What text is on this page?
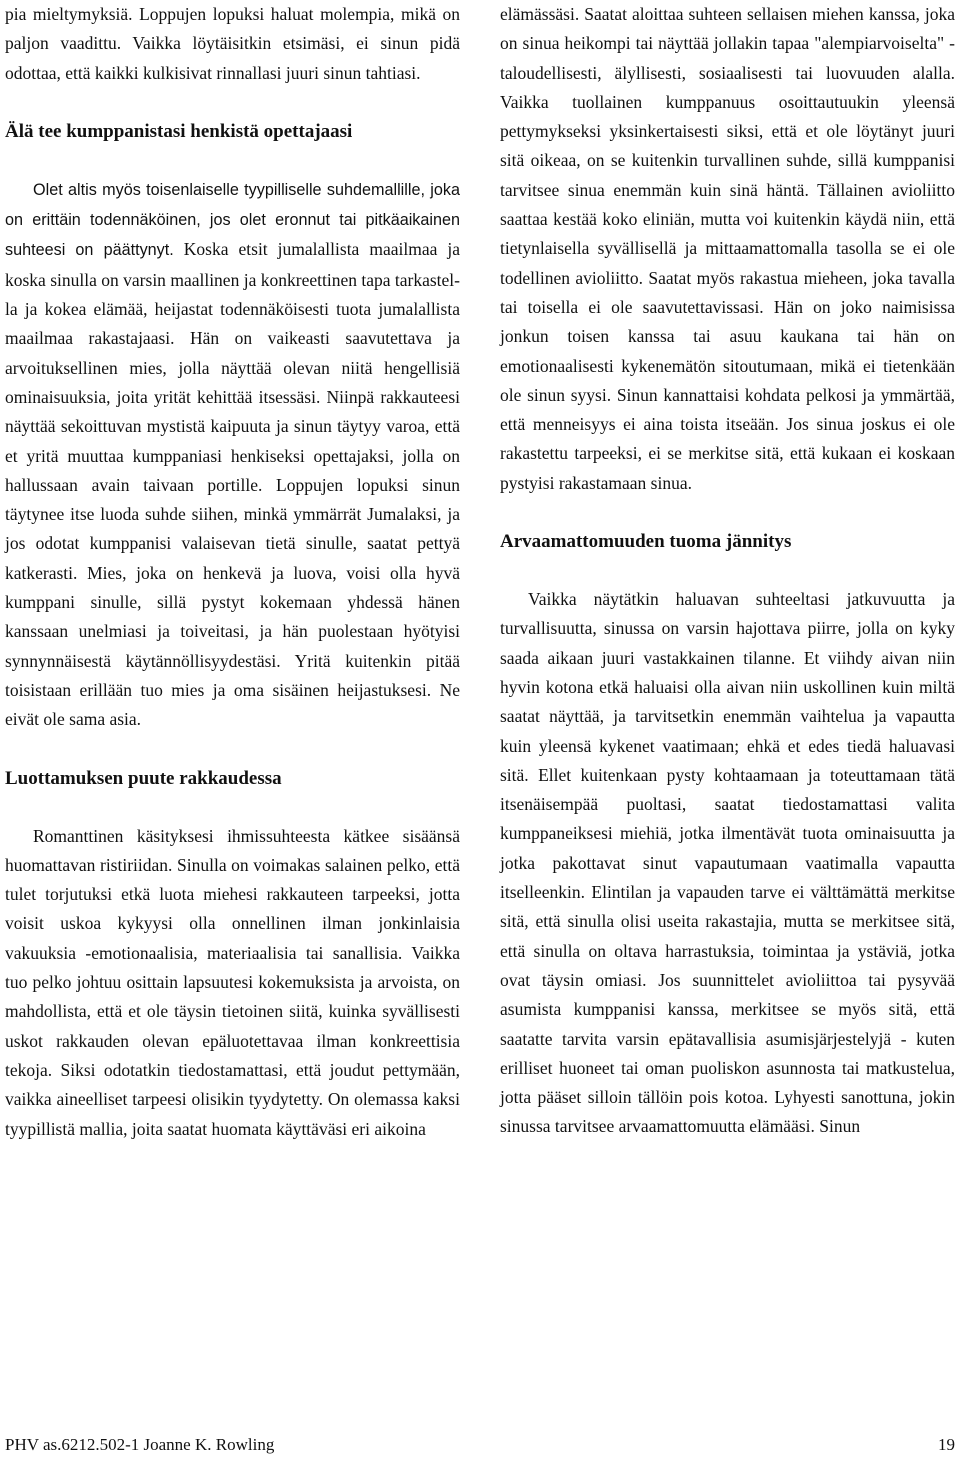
pia mieltymyksiä. Loppujen lopuksi haluat molempia, mikä on paljon vaadittu. Vaikka löytäisitkin etsimäsi, ei sinun pidä odottaa, että kaikki kulkisivat rinnallasi juuri sinun tahtiasi.

Älä tee kumppanistasi henkistä opettajaasi

Olet altis myös toisenlaiselle tyypilliselle suhdemallille, joka on erittäin todennäköinen, jos olet eronnut tai pitkäaikainen suhteesi on päättynyt. Koska etsit jumalallista maailmaa ja koska sinulla on varsin maallinen ja konkreettinen tapa tarkastella ja kokea elämää, heijastat todennäköisesti tuota jumalallista maailmaa rakastajaasi. Hän on vaikeasti saavutettava ja arvoituksellinen mies, jolla näyttää olevan niitä hengellisiä ominaisuuksia, joita yrität kehittää itsessäsi. Niinpä rakkauteesi näyttää sekoittuvan mystistä kaipuuta ja sinun täytyy varoa, että et yritä muuttaa kumppaniasi henkiseksi opettajaksi, jolla on hallussaan avain taivaan portille. Loppujen lopuksi sinun täytynee itse luoda suhde siihen, minkä ymmärrät Jumalaksi, ja jos odotat kumppanisi valaisevan tietä sinulle, saatat pettyä katkerasti. Mies, joka on henkevä ja luova, voisi olla hyvä kumppani sinulle, sillä pystyt kokemaan yhdessä hänen kanssaan unelmiasi ja toiveitasi, ja hän puolestaan hyötyisi synnynnäisestä käytännöllisyydestäsi. Yritä kuitenkin pitää toisistaan erillään tuo mies ja oma sisäinen heijastuksesi. Ne eivät ole sama asia.

Luottamuksen puute rakkaudessa

Romanttinen käsityksesi ihmissuhteesta kätkee sisäänsä huomattavan ristiriidan. Sinulla on voimakas salainen pelko, että tulet torjutuksi etkä luota miehesi rakkauteen tarpeeksi, jotta voisit uskoa kykyysi olla onnellinen ilman jonkinlaisia vakuuksia -emotionaalisia, materiaalisia tai sanallisia. Vaikka tuo pelko johtuu osittain lapsuutesi kokemuksista ja arvoista, on mahdollista, että et ole täysin tietoinen siitä, kuinka syvällisesti uskot rakkauden olevan epäluotettavaa ilman konkreettisia tekoja. Siksi odotatkin tiedostamattasi, että joudut pettymään, vaikka aineelliset tarpeesi olisikin tyydytetty. On olemassa kaksi tyypillistä mallia, joita saatat huomata käyttäväsi eri aikoina

elämässäsi. Saatat aloittaa suhteen sellaisen miehen kanssa, joka on sinua heikompi tai näyttää jollakin tapaa "alempiarvoiselta" - taloudellisesti, älyllisesti, sosiaalisesti tai luovuuden alalla. Vaikka tuollainen kumppanuus osoittautuukin yleensä pettymykseksi yksinkertaisesti siksi, että et ole löytänyt juuri sitä oikeaa, on se kuitenkin turvallinen suhde, sillä kumppanisi tarvitsee sinua enemmän kuin sinä häntä. Tällainen avioliitto saattaa kestää koko eliniän, mutta voi kuitenkin käydä niin, että tietynlaisella syvällisellä ja mittaamattomalla tasolla se ei ole todellinen avioliitto. Saatat myös rakastua mieheen, joka tavalla tai toisella ei ole saavutettavissasi. Hän on joko naimisissa jonkun toisen kanssa tai asuu kaukana tai hän on emotionaalisesti kykenemätön sitoutumaan, mikä ei tietenkään ole sinun syysi. Sinun kannattaisi kohdata pelkosi ja ymmärtää, että menneisyys ei aina toista itseään. Jos sinua joskus ei ole rakastettu tarpeeksi, ei se merkitse sitä, että kukaan ei koskaan pystyisi rakastamaan sinua.

Arvaamattomuuden tuoma jännitys

Vaikka näytätkin haluavan suhteeltasi jatkuvuutta ja turvallisuutta, sinussa on varsin hajottava piirre, jolla on kyky saada aikaan juuri vastakkainen tilanne. Et viihdy aivan niin hyvin kotona etkä haluaisi olla aivan niin uskollinen kuin miltä saatat näyttää, ja tarvitsetkin enemmän vaihtelua ja vapautta kuin yleensä kykenet vaatimaan; ehkä et edes tiedä haluavasi sitä. Ellet kuitenkaan pysty kohtaamaan ja toteuttamaan tätä itsenäisempää puoltasi, saatat tiedostamattasi valita kumppaneiksesi miehiä, jotka ilmentävät tuota ominaisuutta ja jotka pakottavat sinut vapautumaan vaatimalla vapautta itselleenkin. Elintilan ja vapauden tarve ei välttämättä merkitse sitä, että sinulla olisi useita rakastajia, mutta se merkitsee sitä, että sinulla on oltava harrastuksia, toimintaa ja ystäviä, jotka ovat täysin omiasi. Jos suunnittelet avioliittoa tai pysyvää asumista kumppanisi kanssa, merkitsee se myös sitä, että saatatte tarvita varsin epätavallisia asumisjärjestelyjä - kuten erilliset huoneet tai oman puoliskon asunnosta tai matkustelua, jotta pääset silloin tällöin pois kotoa. Lyhyesti sanottuna, jokin sinussa tarvitsee arvaamattomuutta elämääsi. Sinun

PHV as.6212.502-1 Joanne K. Rowling	19
